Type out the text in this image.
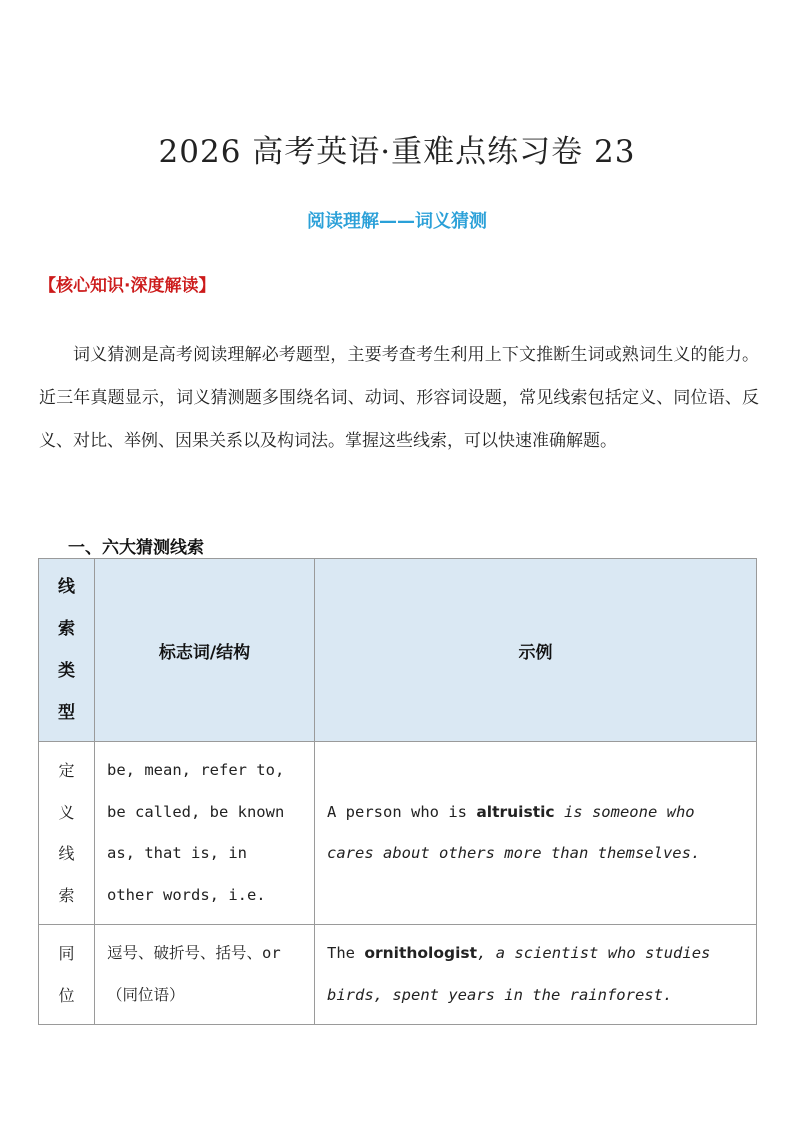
2026 高考英语·重难点练习卷 23
阅读理解——词义猜测
【核心知识·深度解读】

词义猜测是高考阅读理解必考题型，主要考查考生利用上下文推断生词或熟词生义的能力。近三年真题显示，词义猜测题多围绕名词、动词、形容词设题，常见线索包括定义、同位语、反义、对比、举例、因果关系以及构词法。掌握这些线索，可以快速准确解题。

一、六大猜测线索
线索类型	标志词/结构	示例

定义线索	be, mean, refer to, be called, be known as, that is, in other words, i.e.	A person who is altruistic is someone who cares about others more than themselves.

同位	逗号、破折号、括号、or（同位语）	The ornithologist, a scientist who studies birds, spent years in the rainforest.
